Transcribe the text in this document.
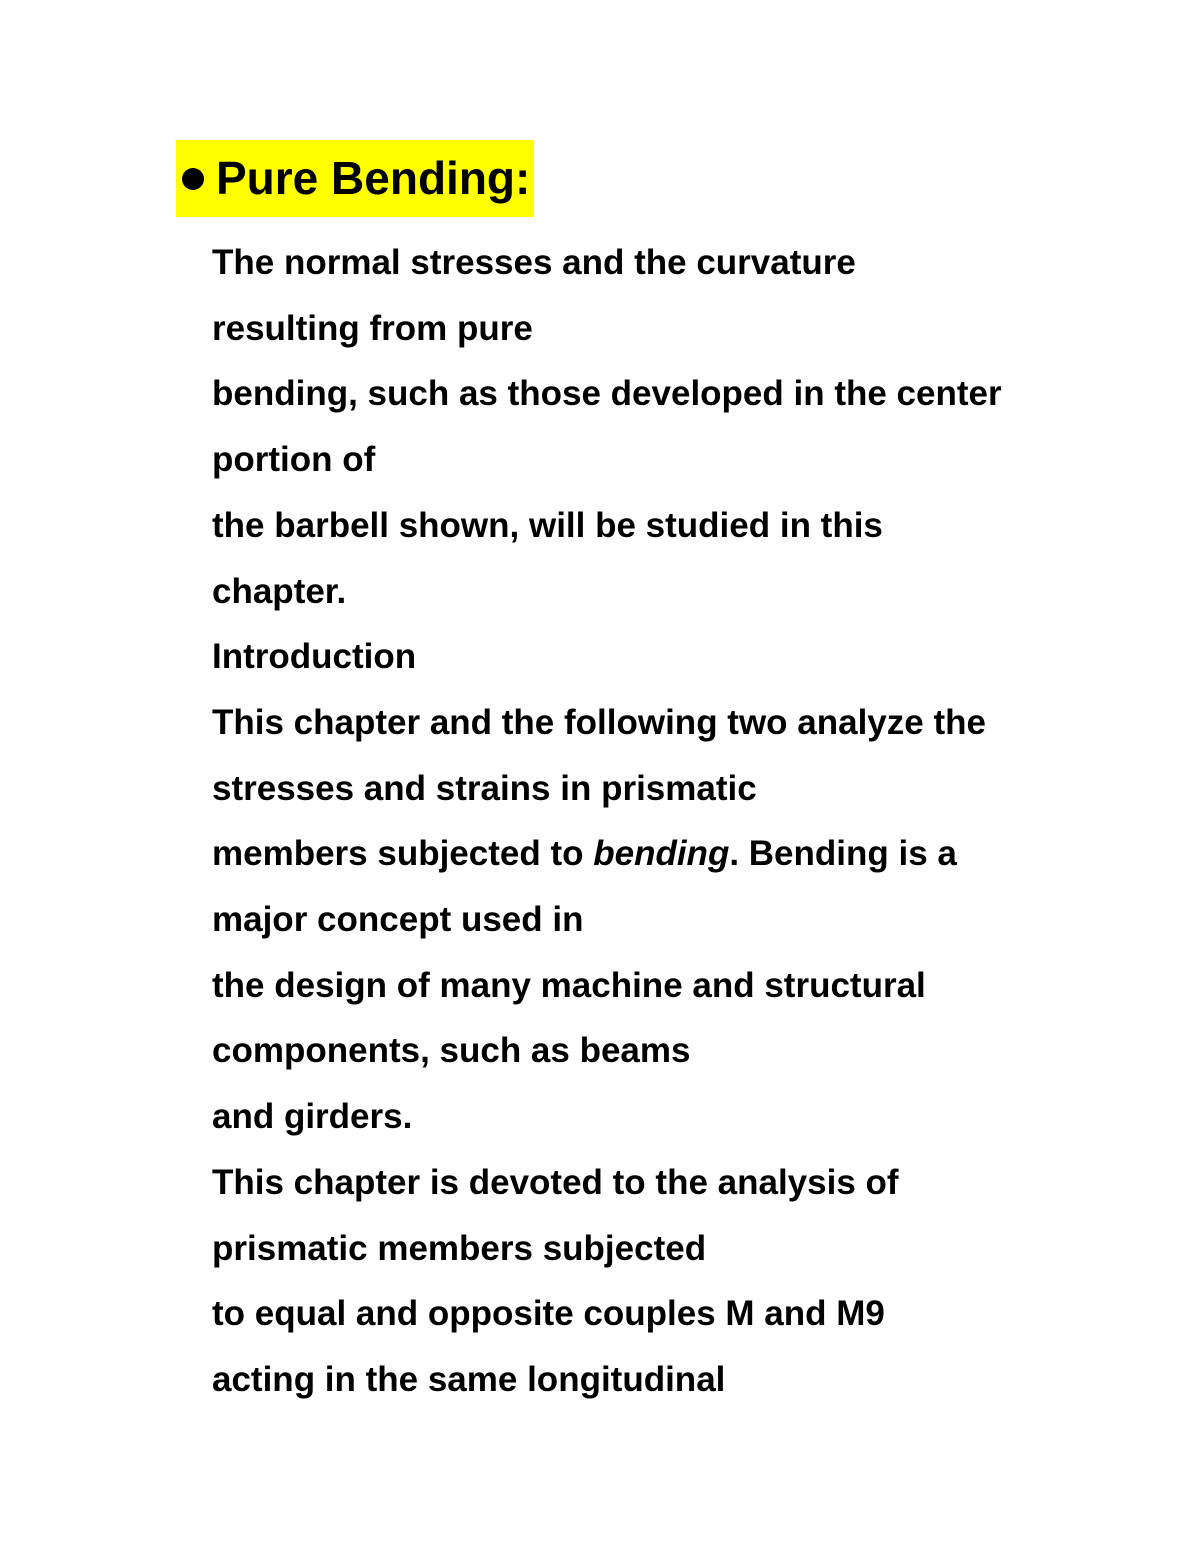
Pure Bending:
The normal stresses and the curvature
resulting from pure
bending, such as those developed in the center
portion of
the barbell shown, will be studied in this
chapter.
Introduction
This chapter and the following two analyze the
stresses and strains in prismatic
members subjected to bending. Bending is a
major concept used in
the design of many machine and structural
components, such as beams
and girders.
This chapter is devoted to the analysis of
prismatic members subjected
to equal and opposite couples M and M9
acting in the same longitudinal
